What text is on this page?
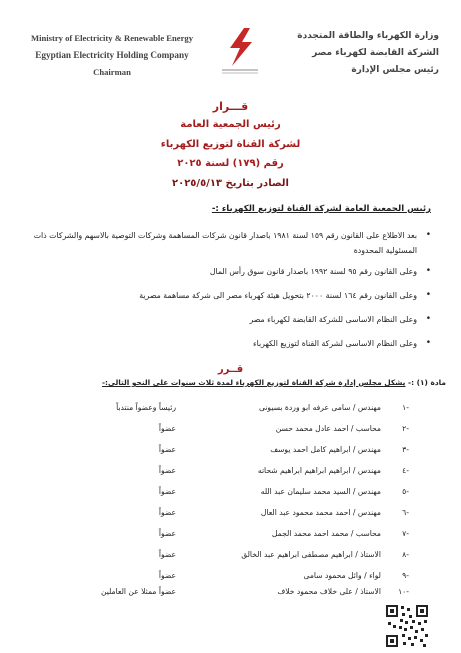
Ministry of Electricity & Renewable Energy
Egyptian Electricity Holding Company
Chairman
وزارة الكهرباء والطاقة المتجددة
الشركة القابضة لكهرباء مصر
رئيس مجلس الإدارة
قـــرار
رئيس الجمعية العامة
لشركة القناة لتوزيع الكهرباء
رقم (١٧٩) لسنة ٢٠٢٥
الصادر بتاريخ ٢٠٢٥/٥/١٣
رئيس الجمعية العامة لشركة القناة لتوزيع الكهرباء :-
•
بعد الاطلاع على القانون رقم ١٥٩ لسنة ١٩٨١ باصدار قانون شركات المساهمة وشركات التوصية بالاسهم والشركات ذات المسئولية المحدودة
•
وعلى القانون رقم ٩٥ لسنة ١٩٩٢ باصدار قانون سوق رأس المال
•
وعلى القانون رقم ١٦٤ لسنة ٢٠٠٠ بتحويل هيئة كهرباء مصر الى شركة مساهمة مصرية
•
وعلى النظام الاساسى للشركة القابضة لكهرباء مصر
•
وعلى النظام الاساسى لشركة القناة لتوزيع الكهرباء
قــرر
مادة (١) :- يشكل مجلس إدارة شركة القناة لتوزيع الكهرباء لمدة ثلاث سنوات على النحو التالى:-
-١
مهندس / سامى عرفه ابو وردة بسيونى
رئيساً وعضواً منتدباً
-٢
محاسب / احمد عادل محمد حسن
عضواً
-٣
مهندس / ابراهيم كامل احمد يوسف
عضواً
-٤
مهندس / ابراهيم ابراهيم ابراهيم شحاته
عضواً
-٥
مهندس / السيد محمد سليمان عبد الله
عضواً
-٦
مهندس / احمد محمد محمود عبد العال
عضواً
-٧
محاسب / محمد احمد محمد الجمل
عضواً
-٨
الاستاذ / ابراهيم مصطفى ابراهيم عبد الخالق
عضواً
-٩
لواء / وائل محمود سامى
عضواً
-١٠
الاستاذ / على خلاف محمود خلاف
عضواً ممثلا عن العاملين
